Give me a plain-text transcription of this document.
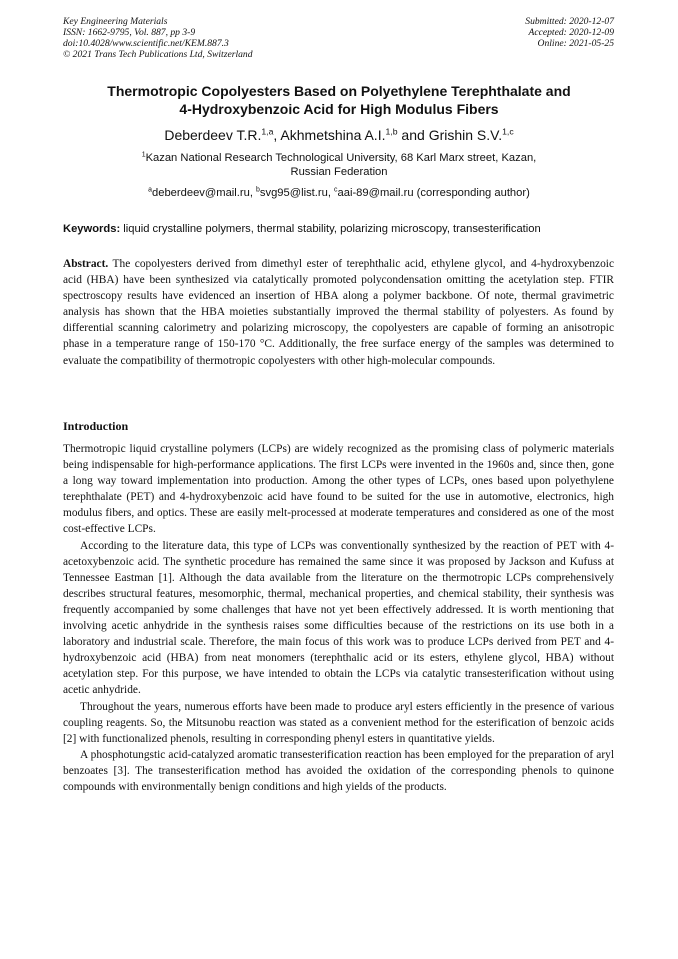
Key Engineering Materials
ISSN: 1662-9795, Vol. 887, pp 3-9
doi:10.4028/www.scientific.net/KEM.887.3
© 2021 Trans Tech Publications Ltd, Switzerland
Submitted: 2020-12-07
Accepted: 2020-12-09
Online: 2021-05-25
Thermotropic Copolyesters Based on Polyethylene Terephthalate and
4-Hydroxybenzoic Acid for High Modulus Fibers
Deberdeev T.R.$^{1,a}$, Akhmetshina A.I.$^{1,b}$ and Grishin S.V.$^{1,c}$
$^1$Kazan National Research Technological University, 68 Karl Marx street, Kazan,
Russian Federation
$^a$deberdeev@mail.ru, $^b$svg95@list.ru, $^c$aai-89@mail.ru (corresponding author)
Keywords: liquid crystalline polymers, thermal stability, polarizing microscopy, transesterification

Abstract. The copolyesters derived from dimethyl ester of terephthalic acid, ethylene glycol, and 4-hydroxybenzoic acid (HBA) have been synthesized via catalytically promoted polycondensation omitting the acetylation step. FTIR spectroscopy results have evidenced an insertion of HBA along a polymer backbone. Of note, thermal gravimetric analysis has shown that the HBA moieties substantially improved the thermal stability of polyesters. As found by differential scanning calorimetry and polarizing microscopy, the copolyesters are capable of forming an anisotropic phase in a temperature range of 150-170 °C. Additionally, the free surface energy of the samples was determined to evaluate the compatibility of thermotropic copolyesters with other high-molecular compounds.

Introduction

Thermotropic liquid crystalline polymers (LCPs) are widely recognized as the promising class of polymeric materials being indispensable for high-performance applications. The first LCPs were invented in the 1960s and, since then, gone a long way toward implementation into production. Among the other types of LCPs, ones based upon polyethylene terephthalate (PET) and 4-hydroxybenzoic acid have found to be suited for the use in automotive, electronics, high modulus fibers, and optics. These are easily melt-processed at moderate temperatures and considered as one of the most cost-effective LCPs.

According to the literature data, this type of LCPs was conventionally synthesized by the reaction of PET with 4-acetoxybenzoic acid. The synthetic procedure has remained the same since it was proposed by Jackson and Kufuss at Tennessee Eastman [1]. Although the data available from the literature on the thermotropic LCPs comprehensively describes structural features, mesomorphic, thermal, mechanical properties, and chemical stability, their synthesis was frequently accompanied by some challenges that have not yet been effectively addressed. It is worth mentioning that involving acetic anhydride in the synthesis raises some difficulties because of the restrictions on its use both in a laboratory and industrial scale. Therefore, the main focus of this work was to produce LCPs derived from PET and 4-hydroxybenzoic acid (HBA) from neat monomers (terephthalic acid or its esters, ethylene glycol, HBA) without acetylation step. For this purpose, we have intended to obtain the LCPs via catalytic transesterification without using acetic anhydride.

Throughout the years, numerous efforts have been made to produce aryl esters efficiently in the presence of various coupling reagents. So, the Mitsunobu reaction was stated as a convenient method for the esterification of benzoic acids [2] with functionalized phenols, resulting in corresponding phenyl esters in quantitative yields.

A phosphotungstic acid-catalyzed aromatic transesterification reaction has been employed for the preparation of aryl benzoates [3]. The transesterification method has avoided the oxidation of the corresponding phenols to quinone compounds with environmentally benign conditions and high yields of the products.
